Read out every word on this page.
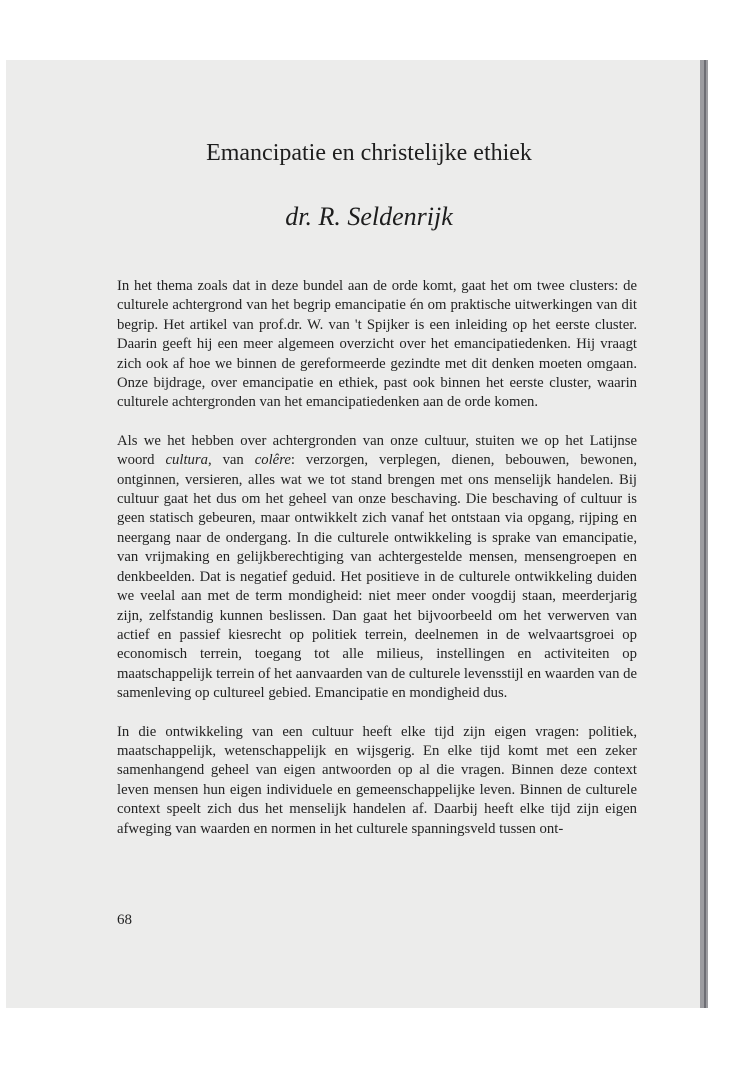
Emancipatie en christelijke ethiek
dr. R. Seldenrijk

In het thema zoals dat in deze bundel aan de orde komt, gaat het om twee clusters: de culturele achtergrond van het begrip emancipatie én om praktische uitwerkingen van dit begrip. Het artikel van prof.dr. W. van 't Spijker is een inleiding op het eerste cluster. Daarin geeft hij een meer algemeen overzicht over het emancipatiedenken. Hij vraagt zich ook af hoe we binnen de gereformeerde gezindte met dit denken moeten omgaan. Onze bijdrage, over emancipatie en ethiek, past ook binnen het eerste cluster, waarin culturele achtergronden van het emancipatiedenken aan de orde komen.

Als we het hebben over achtergronden van onze cultuur, stuiten we op het Latijnse woord cultura, van colêre: verzorgen, verplegen, dienen, bebouwen, bewonen, ontginnen, versieren, alles wat we tot stand brengen met ons menselijk handelen. Bij cultuur gaat het dus om het geheel van onze beschaving. Die beschaving of cultuur is geen statisch gebeuren, maar ontwikkelt zich vanaf het ontstaan via opgang, rijping en neergang naar de ondergang. In die culturele ontwikkeling is sprake van emancipatie, van vrijmaking en gelijkberechtiging van achtergestelde mensen, mensengroepen en denkbeelden. Dat is negatief geduid. Het positieve in de culturele ontwikkeling duiden we veelal aan met de term mondigheid: niet meer onder voogdij staan, meerderjarig zijn, zelfstandig kunnen beslissen. Dan gaat het bijvoorbeeld om het verwerven van actief en passief kiesrecht op politiek terrein, deelnemen in de welvaartsgroei op economisch terrein, toegang tot alle milieus, instellingen en activiteiten op maatschappelijk terrein of het aanvaarden van de culturele levensstijl en waarden van de samenleving op cultureel gebied. Emancipatie en mondigheid dus.

In die ontwikkeling van een cultuur heeft elke tijd zijn eigen vragen: politiek, maatschappelijk, wetenschappelijk en wijsgerig. En elke tijd komt met een zeker samenhangend geheel van eigen antwoorden op al die vragen. Binnen deze context leven mensen hun eigen individuele en gemeenschappelijke leven. Binnen de culturele context speelt zich dus het menselijk handelen af. Daarbij heeft elke tijd zijn eigen afweging van waarden en normen in het culturele spanningsveld tussen ont-

68
